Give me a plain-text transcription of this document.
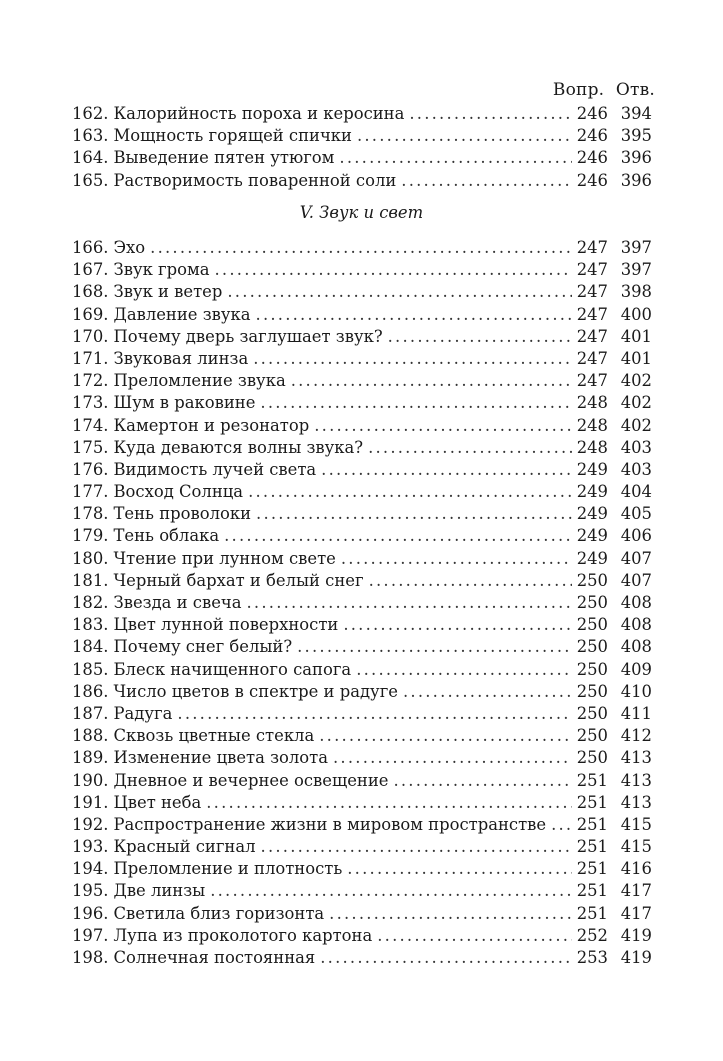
Вопр. Отв.
162. Калорийность пороха и керосина . . .	246 394
163. Мощность горящей спички . . .	246 395
164. Выведение пятен утюгом . . .	246 396
165. Растворимость поваренной соли . . .	246 396
V. Звук и свет
166. Эхо . . .	247 397
167. Звук грома . . .	247 397
168. Звук и ветер . . .	247 398
169. Давление звука . . .	247 400
170. Почему дверь заглушает звук? . . .	247 401
171. Звуковая линза . . .	247 401
172. Преломление звука . . .	247 402
173. Шум в раковине . . .	248 402
174. Камертон и резонатор . . .	248 402
175. Куда деваются волны звука? . . .	248 403
176. Видимость лучей света . . .	249 403
177. Восход Солнца . . .	249 404
178. Тень проволоки . . .	249 405
179. Тень облака . . .	249 406
180. Чтение при лунном свете . . .	249 407
181. Черный бархат и белый снег . . .	250 407
182. Звезда и свеча . . .	250 408
183. Цвет лунной поверхности . . .	250 408
184. Почему снег белый? . . .	250 408
185. Блеск начищенного сапога . . .	250 409
186. Число цветов в спектре и радуге . . .	250 410
187. Радуга . . .	250 411
188. Сквозь цветные стекла . . .	250 412
189. Изменение цвета золота . . .	250 413
190. Дневное и вечернее освещение . . .	251 413
191. Цвет неба . . .	251 413
192. Распространение жизни в мировом пространстве . . . 251 415
193. Красный сигнал . . .	251 415
194. Преломление и плотность . . .	251 416
195. Две линзы . . .	251 417
196. Светила близ горизонта . . .	251 417
197. Лупа из проколотого картона . . .	252 419
198. Солнечная постоянная . . .	253 419
